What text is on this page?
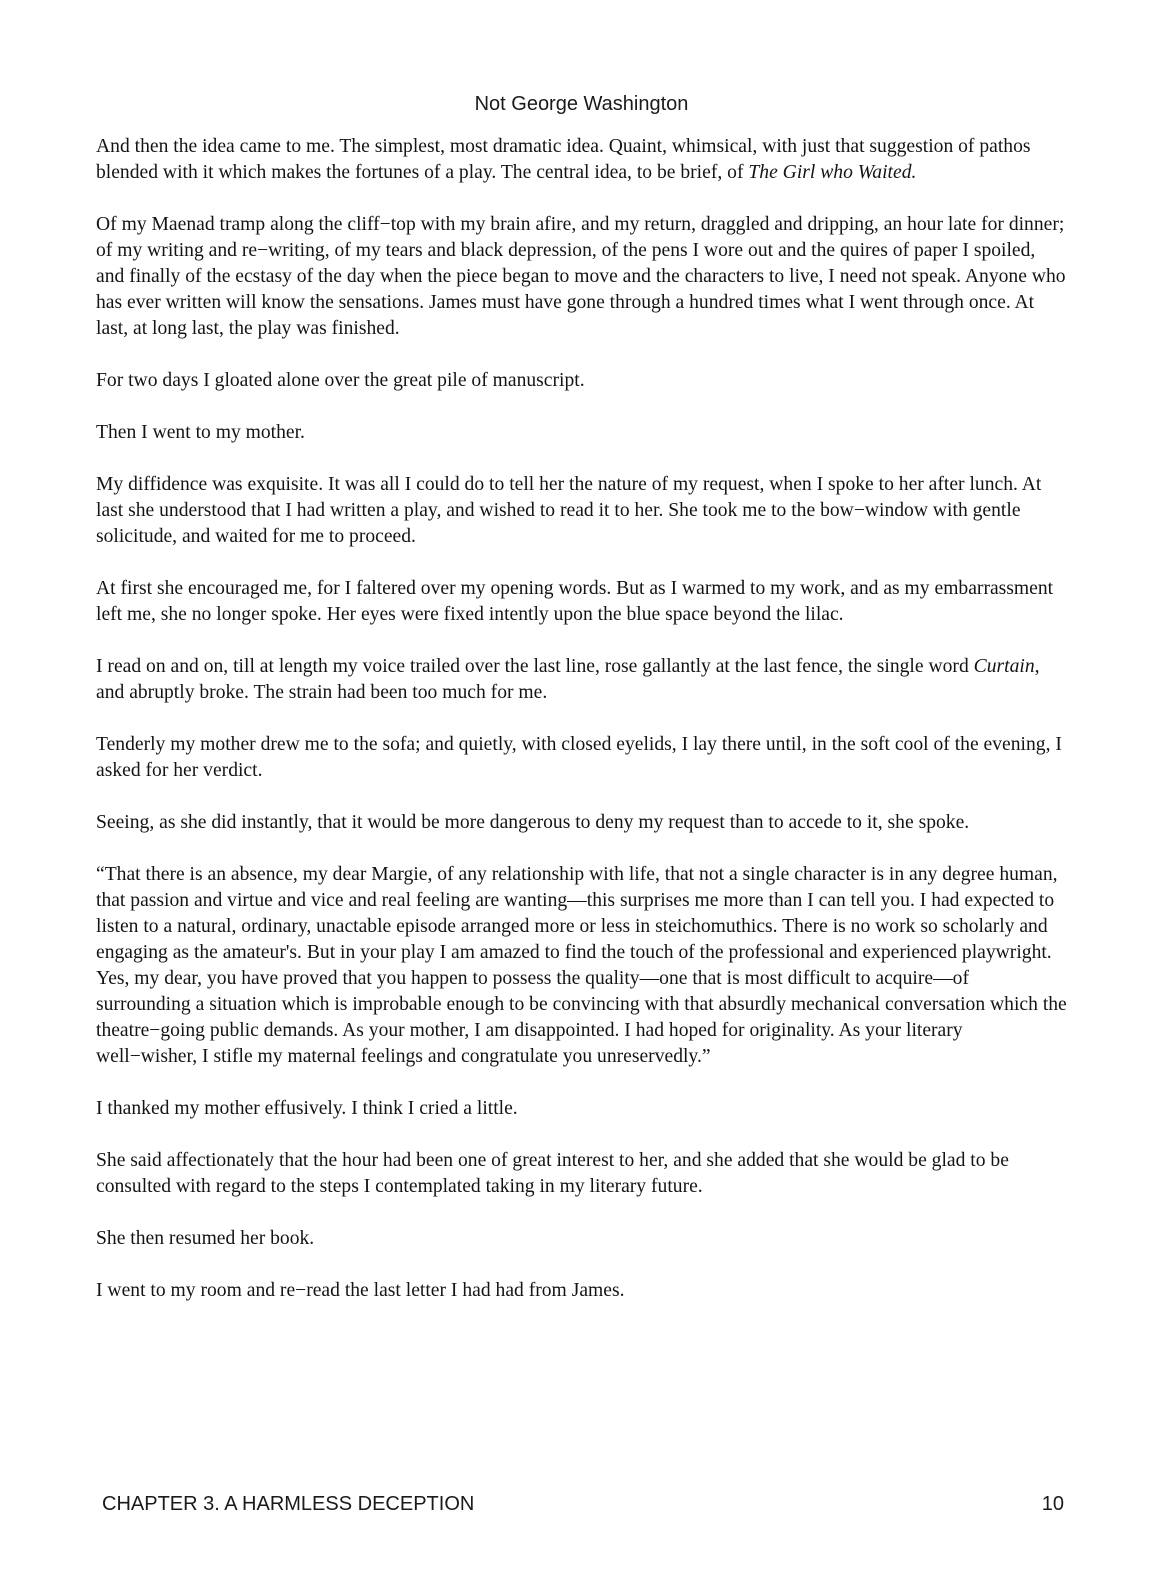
Not George Washington

And then the idea came to me. The simplest, most dramatic idea. Quaint, whimsical, with just that suggestion of pathos blended with it which makes the fortunes of a play. The central idea, to be brief, of The Girl who Waited.

Of my Maenad tramp along the cliff−top with my brain afire, and my return, draggled and dripping, an hour late for dinner; of my writing and re−writing, of my tears and black depression, of the pens I wore out and the quires of paper I spoiled, and finally of the ecstasy of the day when the piece began to move and the characters to live, I need not speak. Anyone who has ever written will know the sensations. James must have gone through a hundred times what I went through once. At last, at long last, the play was finished.

For two days I gloated alone over the great pile of manuscript.

Then I went to my mother.

My diffidence was exquisite. It was all I could do to tell her the nature of my request, when I spoke to her after lunch. At last she understood that I had written a play, and wished to read it to her. She took me to the bow−window with gentle solicitude, and waited for me to proceed.

At first she encouraged me, for I faltered over my opening words. But as I warmed to my work, and as my embarrassment left me, she no longer spoke. Her eyes were fixed intently upon the blue space beyond the lilac.

I read on and on, till at length my voice trailed over the last line, rose gallantly at the last fence, the single word Curtain, and abruptly broke. The strain had been too much for me.

Tenderly my mother drew me to the sofa; and quietly, with closed eyelids, I lay there until, in the soft cool of the evening, I asked for her verdict.

Seeing, as she did instantly, that it would be more dangerous to deny my request than to accede to it, she spoke.

“That there is an absence, my dear Margie, of any relationship with life, that not a single character is in any degree human, that passion and virtue and vice and real feeling are wanting—this surprises me more than I can tell you. I had expected to listen to a natural, ordinary, unactable episode arranged more or less in steichomuthics. There is no work so scholarly and engaging as the amateur's. But in your play I am amazed to find the touch of the professional and experienced playwright. Yes, my dear, you have proved that you happen to possess the quality—one that is most difficult to acquire—of surrounding a situation which is improbable enough to be convincing with that absurdly mechanical conversation which the theatre−going public demands. As your mother, I am disappointed. I had hoped for originality. As your literary well−wisher, I stifle my maternal feelings and congratulate you unreservedly.”

I thanked my mother effusively. I think I cried a little.

She said affectionately that the hour had been one of great interest to her, and she added that she would be glad to be consulted with regard to the steps I contemplated taking in my literary future.

She then resumed her book.

I went to my room and re−read the last letter I had had from James.

CHAPTER 3. A HARMLESS DECEPTION	10
